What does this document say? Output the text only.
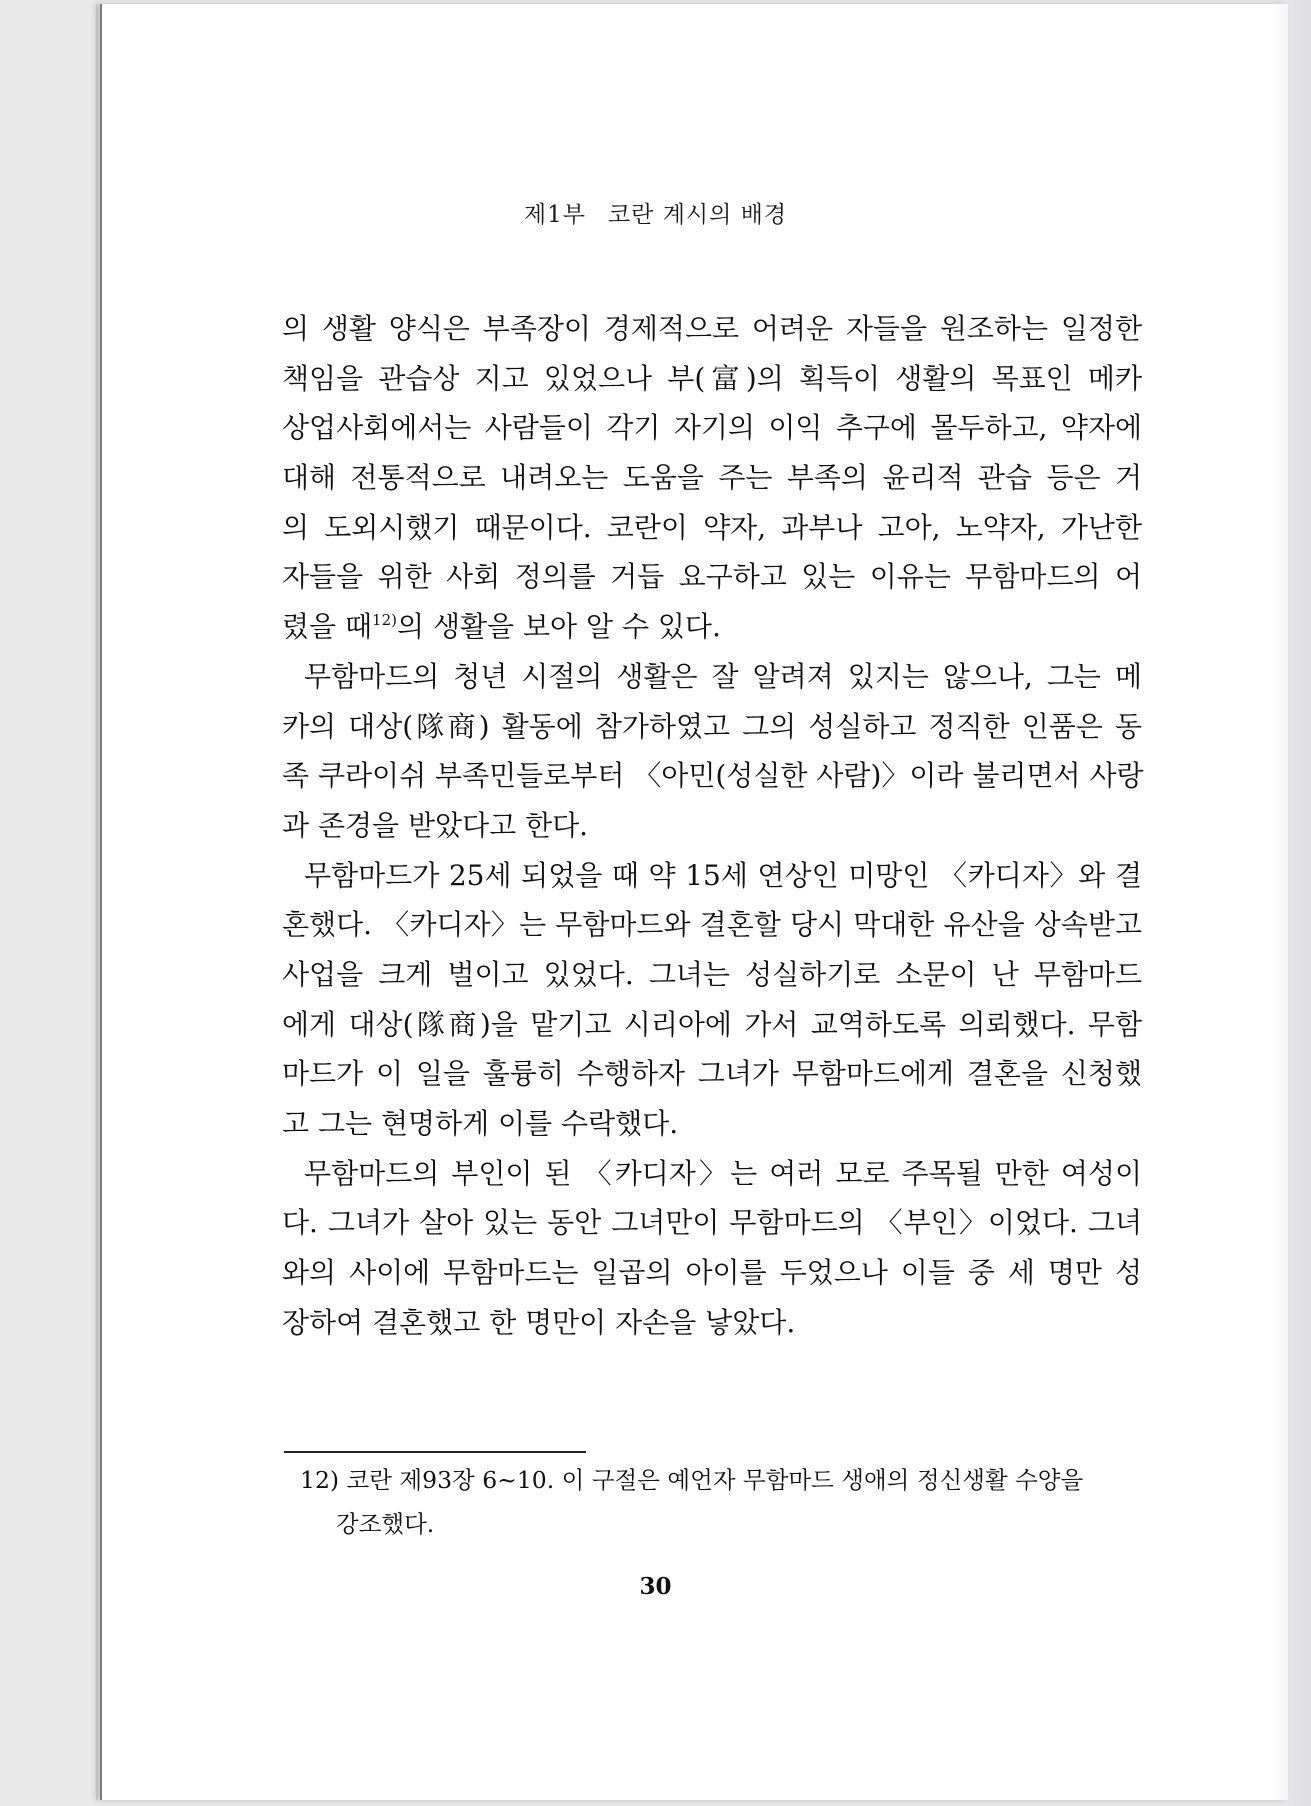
제1부 코란 계시의 배경
의 생활 양식은 부족장이 경제적으로 어려운 자들을 원조하는 일정한
책임을 관습상 지고 있었으나 부(富)의 획득이 생활의 목표인 메카
상업사회에서는 사람들이 각기 자기의 이익 추구에 몰두하고, 약자에
대해 전통적으로 내려오는 도움을 주는 부족의 윤리적 관습 등은 거
의 도외시했기 때문이다. 코란이 약자, 과부나 고아, 노약자, 가난한
자들을 위한 사회 정의를 거듭 요구하고 있는 이유는 무함마드의 어
렸을 때$^{12)}$의 생활을 보아 알 수 있다.
무함마드의 청년 시절의 생활은 잘 알려져 있지는 않으나, 그는 메
카의 대상(隊商) 활동에 참가하였고 그의 성실하고 정직한 인품은 동
족 쿠라이쉬 부족민들로부터 〈아민(성실한 사람)〉이라 불리면서 사랑
과 존경을 받았다고 한다.
무함마드가 25세 되었을 때 약 15세 연상인 미망인 〈카디자〉와 결
혼했다. 〈카디자〉는 무함마드와 결혼할 당시 막대한 유산을 상속받고
사업을 크게 벌이고 있었다. 그녀는 성실하기로 소문이 난 무함마드
에게 대상(隊商)을 맡기고 시리아에 가서 교역하도록 의뢰했다. 무함
마드가 이 일을 훌륭히 수행하자 그녀가 무함마드에게 결혼을 신청했
고 그는 현명하게 이를 수락했다.
무함마드의 부인이 된 〈카디자〉는 여러 모로 주목될 만한 여성이
다. 그녀가 살아 있는 동안 그녀만이 무함마드의 〈부인〉이었다. 그녀
와의 사이에 무함마드는 일곱의 아이를 두었으나 이들 중 세 명만 성
장하여 결혼했고 한 명만이 자손을 낳았다.
12) 코란 제93장 6~10. 이 구절은 예언자 무함마드 생애의 정신생활 수양을
강조했다.
30
